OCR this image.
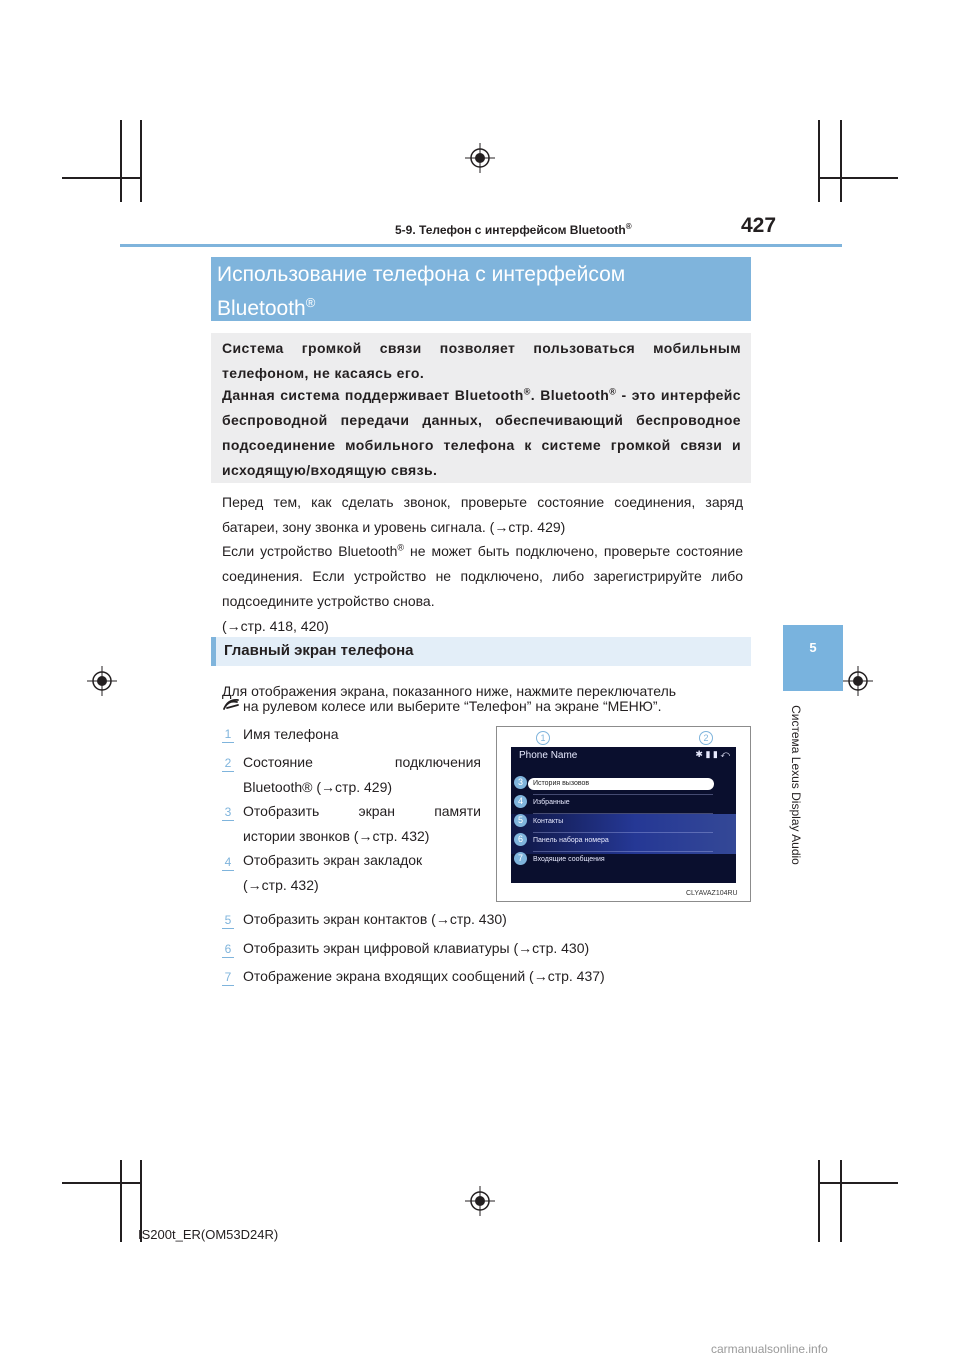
5-9. Телефон с интерфейсом Bluetooth®	427
5
Система Lexus Display Audio
Использование телефона с интерфейсом
Bluetooth®
Система громкой связи позволяет пользоваться мобильным телефоном, не касаясь его.
Данная система поддерживает Bluetooth®. Bluetooth® - это интерфейс беспроводной передачи данных, обеспечивающий беспроводное подсоединение мобильного телефона к системе громкой связи и исходящую/входящую связь.
Перед тем, как сделать звонок, проверьте состояние соединения, заряд батареи, зону звонка и уровень сигнала. (→стр. 429)
Если устройство Bluetooth® не может быть подключено, проверьте состояние соединения. Если устройство не подключено, либо зарегистрируйте либо подсоедините устройство снова.
(→стр. 418, 420)
Главный экран телефона
Для отображения экрана, показанного ниже, нажмите переключатель
на рулевом колесе или выберите “Телефон” на экране “МЕНЮ”.
1 Имя телефона
2 Состояние подключения
Bluetooth® (→стр. 429)
3 Отобразить экран памяти
истории звонков (→стр. 432)
4 Отобразить экран закладок
(→стр. 432)
5 Отобразить экран контактов (→стр. 430)
6 Отобразить экран цифровой клавиатуры (→стр. 430)
7 Отображение экрана входящих сообщений (→стр. 437)
Phone Name	✱ ▮ ▮ ⤺
История вызовов
Избранные
Контакты
Панель набора номера
Входящие сообщения
1	2
3
4
5
6
7
CLYAVAZ104RU
IS200t_ER(OM53D24R)
carmanualsonline.info
